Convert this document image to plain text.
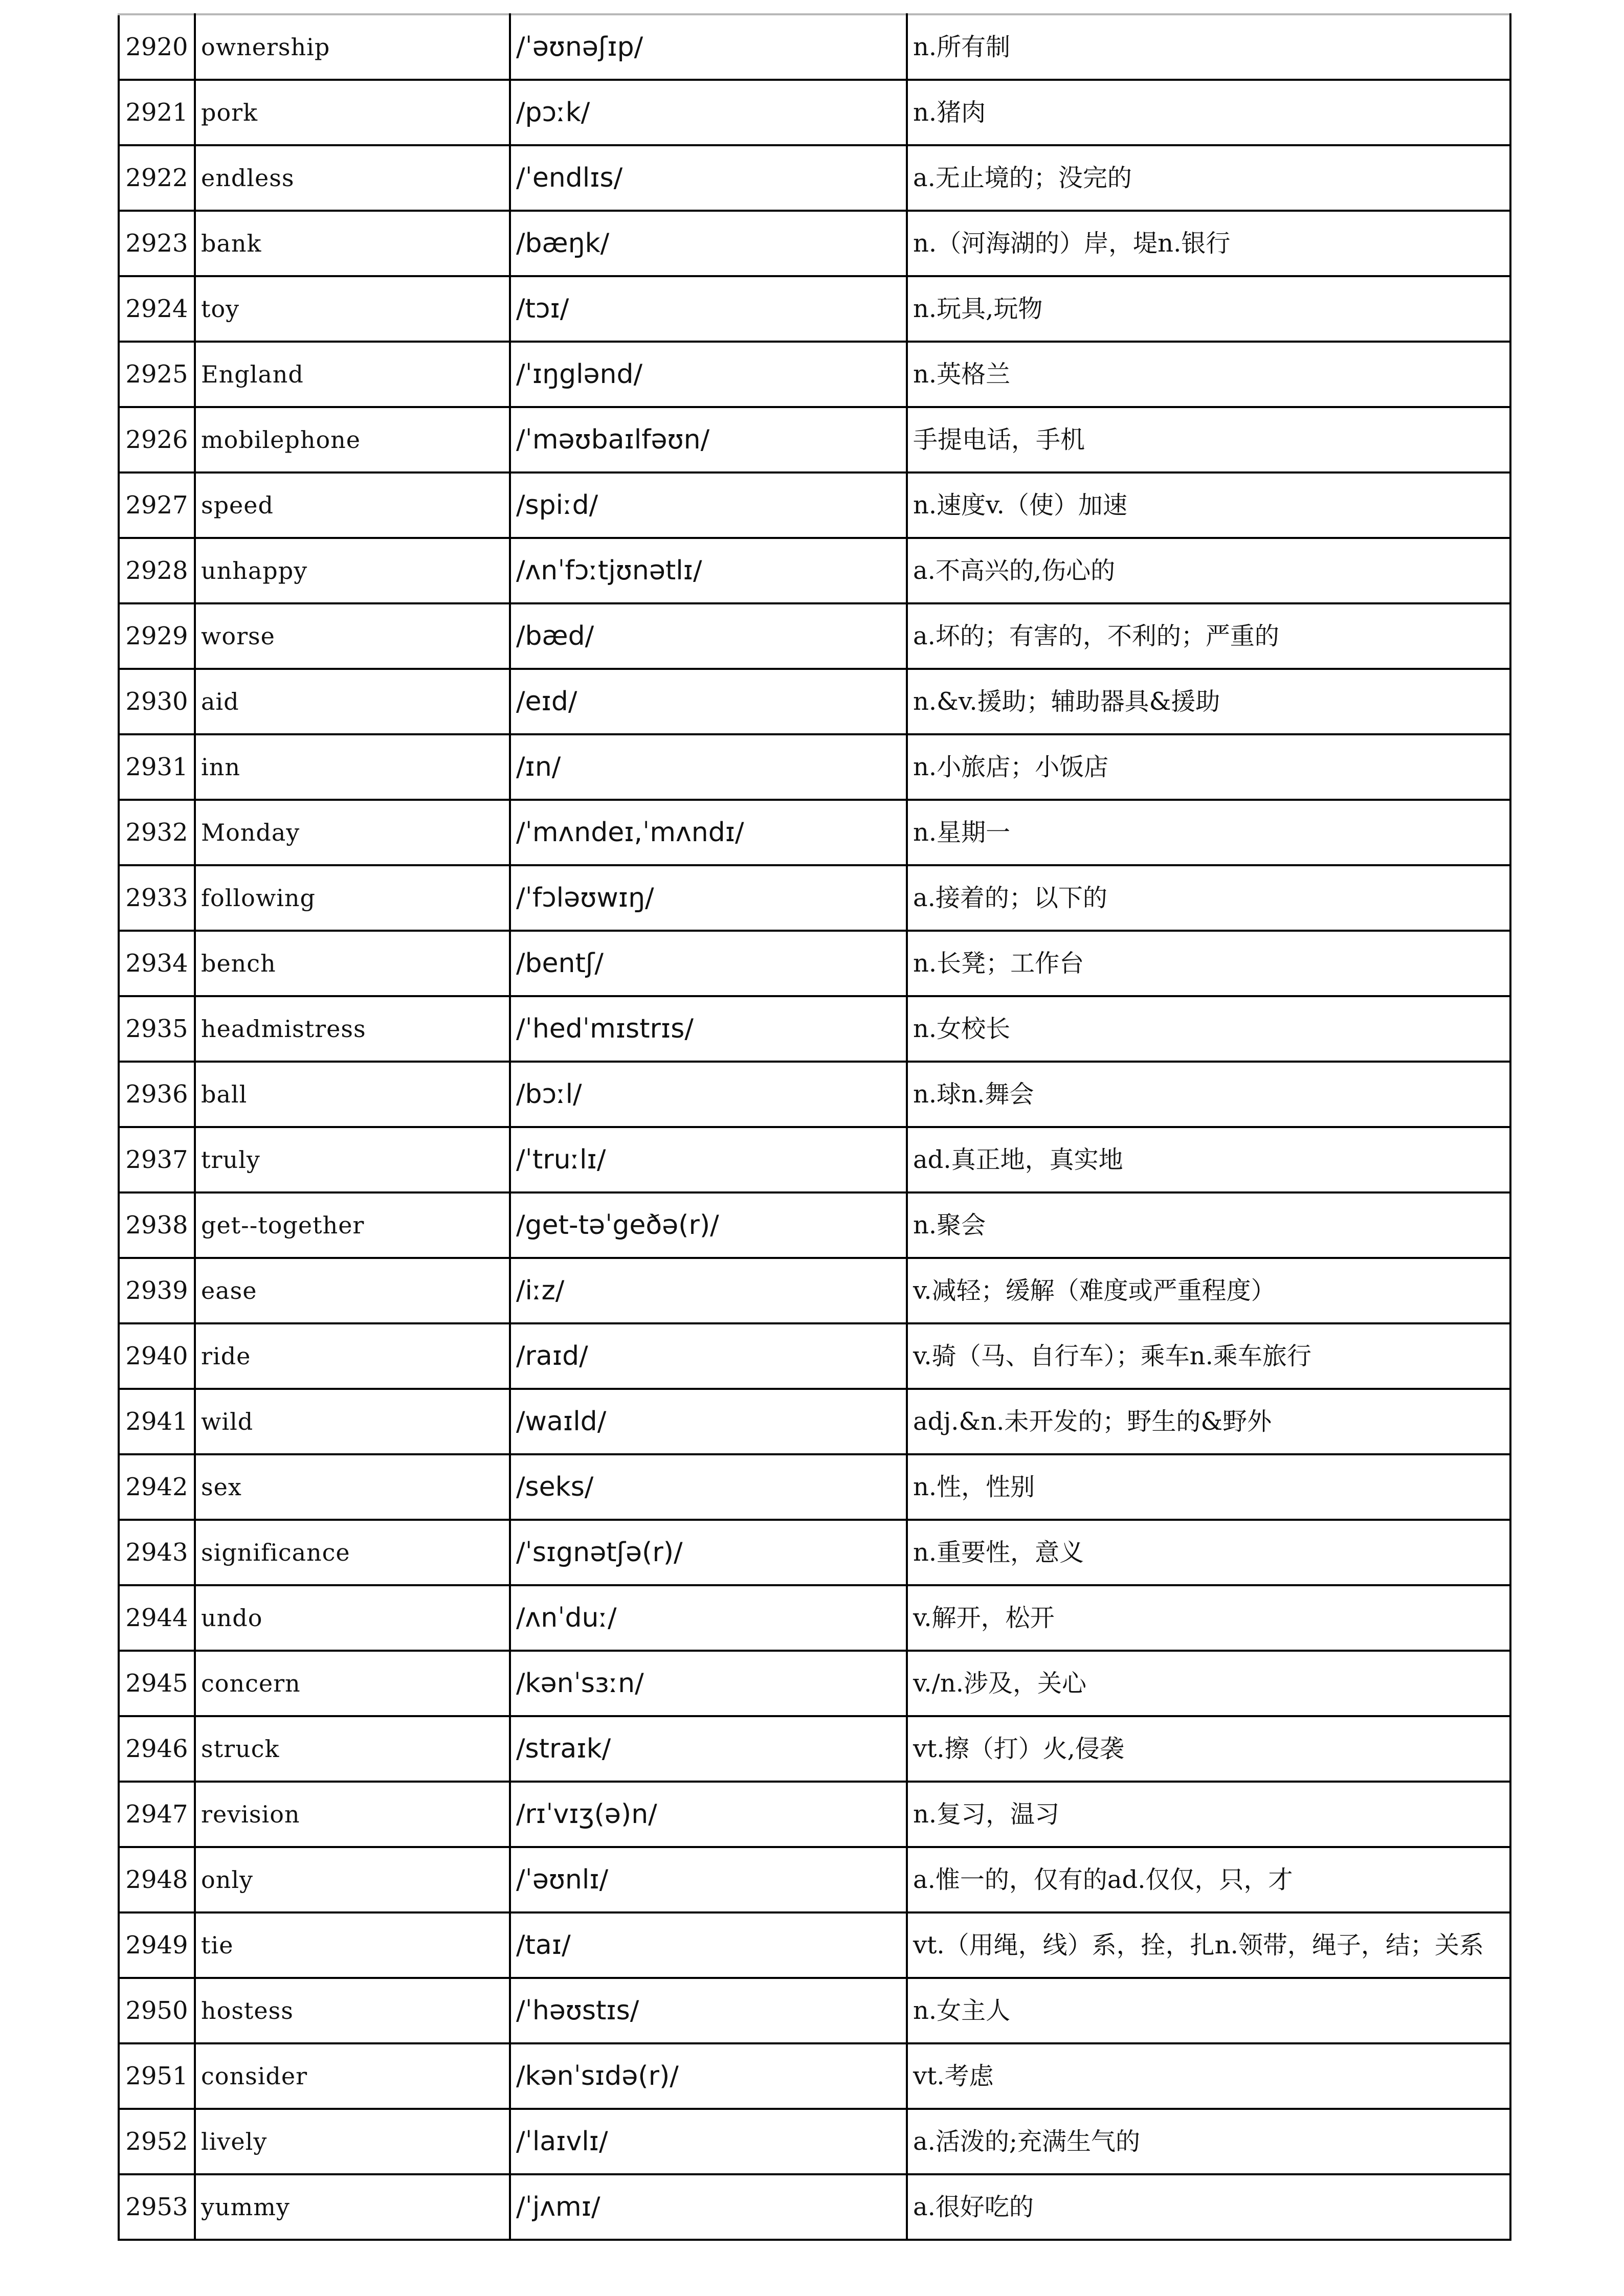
2920	ownership	/ˈəʊnəʃɪp/	n.所有制
2921	pork	/pɔːk/	n.猪肉
2922	endless	/ˈendlɪs/	a.无止境的；没完的
2923	bank	/bæŋk/	n.（河海湖的）岸，堤n.银行
2924	toy	/tɔɪ/	n.玩具,玩物
2925	England	/ˈɪŋglənd/	n.英格兰
2926	mobilephone	/ˈməʊbaɪlfəʊn/	手提电话，手机
2927	speed	/spiːd/	n.速度v.（使）加速
2928	unhappy	/ʌnˈfɔːtjʊnətlɪ/	a.不高兴的,伤心的
2929	worse	/bæd/	a.坏的；有害的，不利的；严重的
2930	aid	/eɪd/	n.&v.援助；辅助器具&援助
2931	inn	/ɪn/	n.小旅店；小饭店
2932	Monday	/ˈmʌndeɪ,ˈmʌndɪ/	n.星期一
2933	following	/ˈfɔləʊwɪŋ/	a.接着的；以下的
2934	bench	/bentʃ/	n.长凳；工作台
2935	headmistress	/ˈhedˈmɪstrɪs/	n.女校长
2936	ball	/bɔːl/	n.球n.舞会
2937	truly	/ˈtruːlɪ/	ad.真正地，真实地
2938	get--together	/get-təˈgeðə(r)/	n.聚会
2939	ease	/iːz/	v.减轻；缓解（难度或严重程度）
2940	ride	/raɪd/	v.骑（马、自行车）；乘车n.乘车旅行
2941	wild	/waɪld/	adj.&n.未开发的；野生的&野外
2942	sex	/seks/	n.性，性别
2943	significance	/ˈsɪgnətʃə(r)/	n.重要性，意义
2944	undo	/ʌnˈduː/	v.解开，松开
2945	concern	/kənˈsɜːn/	v./n.涉及，关心
2946	struck	/straɪk/	vt.擦（打）火,侵袭
2947	revision	/rɪˈvɪʒ(ə)n/	n.复习，温习
2948	only	/ˈəʊnlɪ/	a.惟一的，仅有的ad.仅仅，只，才
2949	tie	/taɪ/	vt.（用绳，线）系，拴，扎n.领带，绳子，结；关系
2950	hostess	/ˈhəʊstɪs/	n.女主人
2951	consider	/kənˈsɪdə(r)/	vt.考虑
2952	lively	/ˈlaɪvlɪ/	a.活泼的;充满生气的
2953	yummy	/ˈjʌmɪ/	a.很好吃的
